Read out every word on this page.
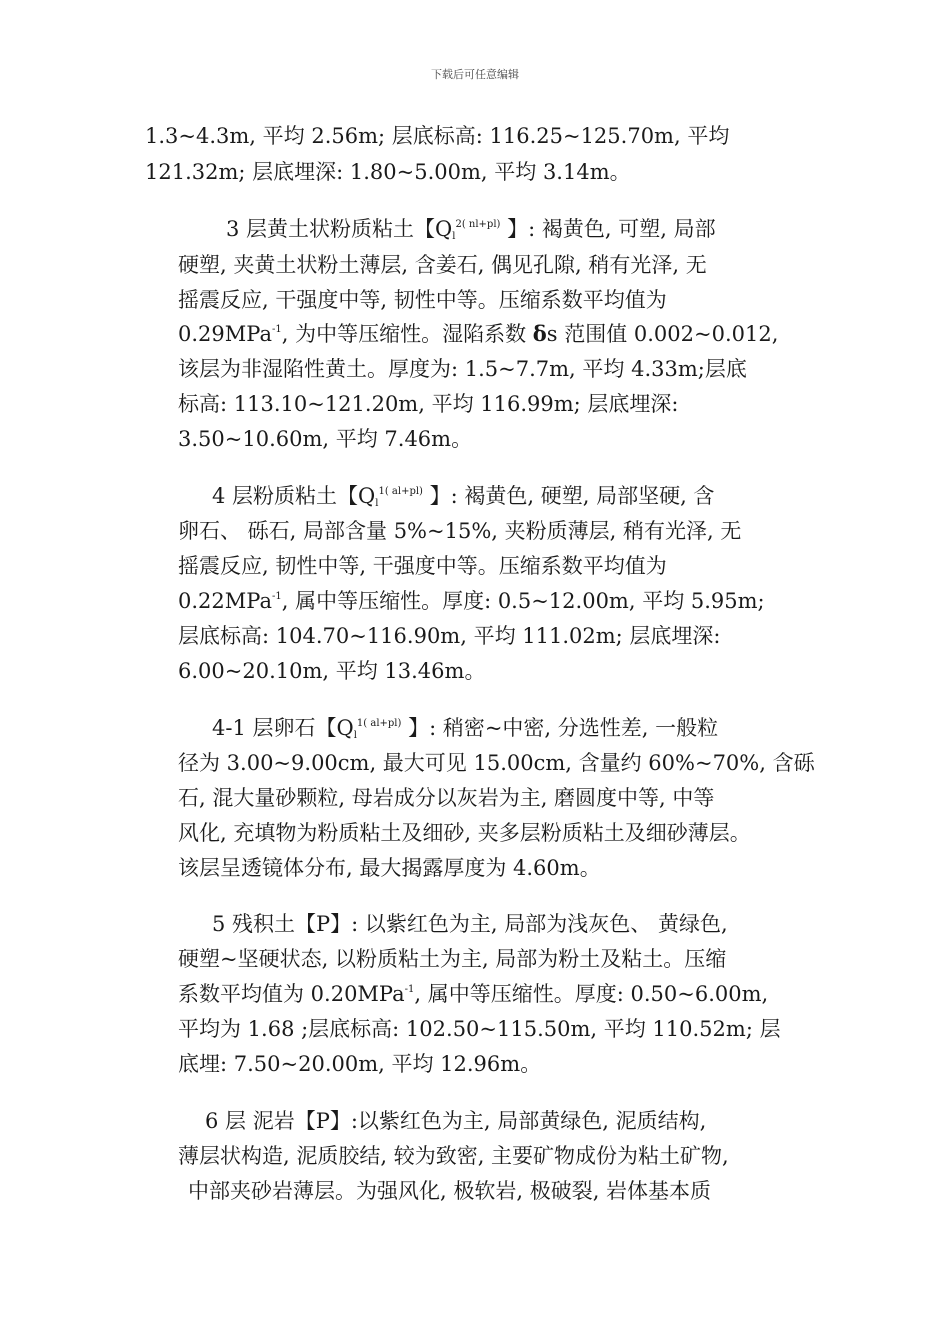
下载后可任意编辑
1.3~4.3m, 平均 2.56m; 层底标高: 116.25~125.70m, 平均
121.32m; 层底埋深: 1.80~5.00m, 平均 3.14m。
3 层黄土状粉质粘土【$Q_l^{2( nl+pl)}$ 】: 褐黄色, 可塑, 局部
硬塑, 夹黄土状粉土薄层, 含姜石, 偶见孔隙, 稍有光泽, 无
摇震反应, 干强度中等, 韧性中等。压缩系数平均值为
0.29MPa$^{-1}$, 为中等压缩性。湿陷系数 δs 范围值 0.002~0.012,
该层为非湿陷性黄土。厚度为: 1.5~7.7m, 平均 4.33m;层底
标高: 113.10~121.20m, 平均 116.99m; 层底埋深:
3.50~10.60m, 平均 7.46m。
4 层粉质粘土【$Q_l^{1( al+pl)}$ 】: 褐黄色, 硬塑, 局部坚硬, 含
卵石、 砾石, 局部含量 5%~15%, 夹粉质薄层, 稍有光泽, 无
摇震反应, 韧性中等, 干强度中等。压缩系数平均值为
0.22MPa$^{-1}$, 属中等压缩性。厚度: 0.5~12.00m, 平均 5.95m;
层底标高: 104.70~116.90m, 平均 111.02m; 层底埋深:
6.00~20.10m, 平均 13.46m。
4-1 层卵石【$Q_l^{1( al+pl)}$ 】: 稍密~中密, 分选性差, 一般粒
径为 3.00~9.00cm, 最大可见 15.00cm, 含量约 60%~70%, 含砾
石, 混大量砂颗粒, 母岩成分以灰岩为主, 磨圆度中等, 中等
风化, 充填物为粉质粘土及细砂, 夹多层粉质粘土及细砂薄层。
该层呈透镜体分布, 最大揭露厚度为 4.60m。
5 残积土【P】: 以紫红色为主, 局部为浅灰色、 黄绿色,
硬塑~坚硬状态, 以粉质粘土为主, 局部为粉土及粘土。压缩
系数平均值为 0.20MPa$^{-1}$, 属中等压缩性。厚度: 0.50~6.00m,
平均为 1.68 ;层底标高: 102.50~115.50m, 平均 110.52m; 层
底埋: 7.50~20.00m, 平均 12.96m。
6 层 泥岩【P】:以紫红色为主, 局部黄绿色, 泥质结构,
薄层状构造, 泥质胶结, 较为致密, 主要矿物成份为粘土矿物,
中部夹砂岩薄层。为强风化, 极软岩, 极破裂, 岩体基本质
